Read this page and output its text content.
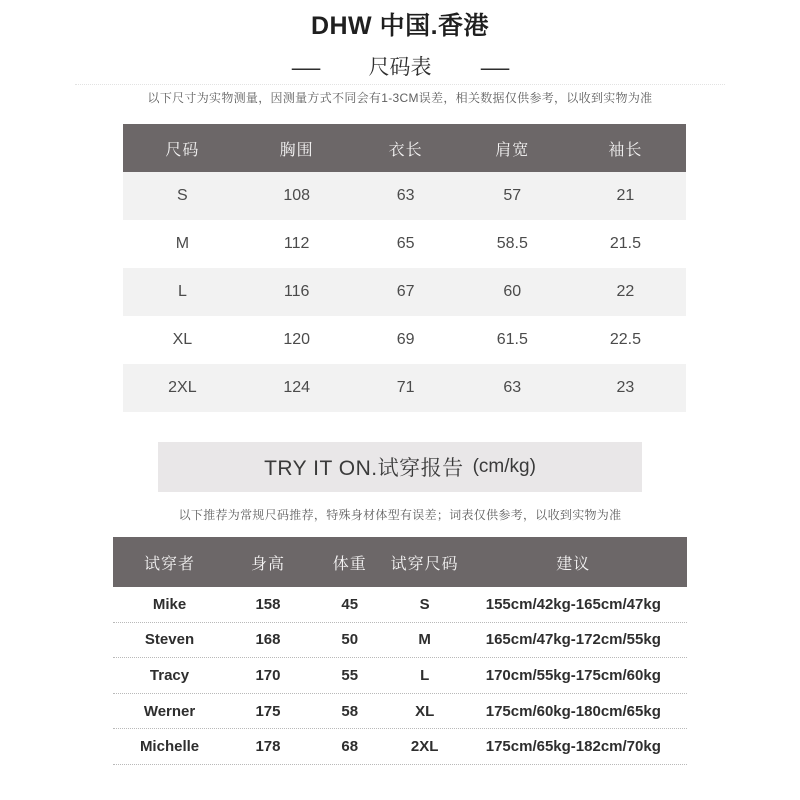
DHW 中国.香港
— 尺码表 —
以下尺寸为实物测量，因测量方式不同会有1-3CM误差，相关数据仅供参考，以收到实物为准
尺码	胸围	衣长	肩宽	袖长
S	108	63	57	21
M	112	65	58.5	21.5
L	116	67	60	22
XL	120	69	61.5	22.5
2XL	124	71	63	23
TRY IT ON.试穿报告 (cm/kg)
以下推荐为常规尺码推荐，特殊身材体型有误差；词表仅供参考，以收到实物为准
试穿者	身高	体重	试穿尺码	建议
Mike	158	45	S	155cm/42kg-165cm/47kg
Steven	168	50	M	165cm/47kg-172cm/55kg
Tracy	170	55	L	170cm/55kg-175cm/60kg
Werner	175	58	XL	175cm/60kg-180cm/65kg
Michelle	178	68	2XL	175cm/65kg-182cm/70kg
